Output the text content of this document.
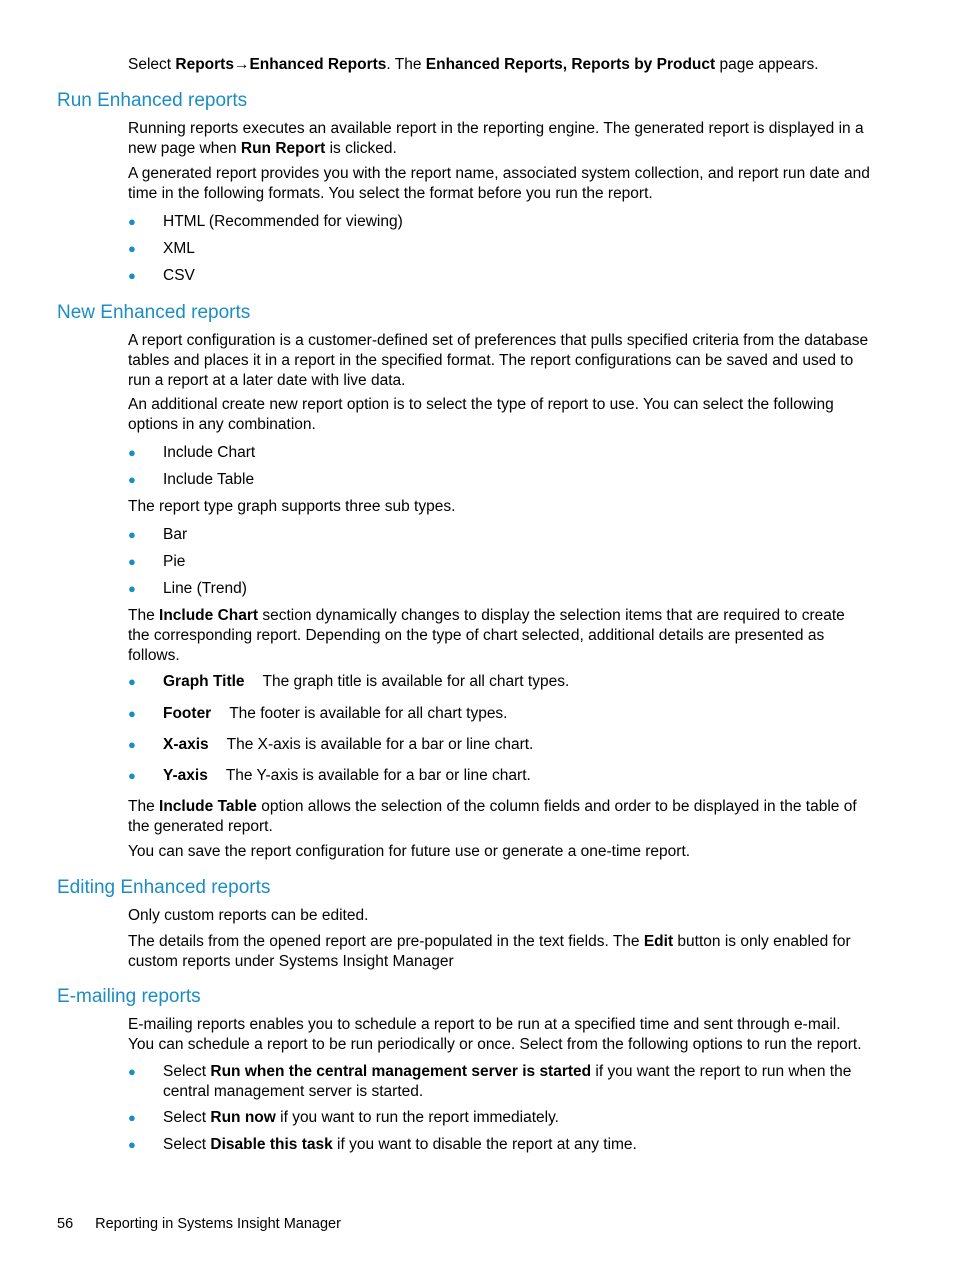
Select Reports→Enhanced Reports. The Enhanced Reports, Reports by Product page appears.
Run Enhanced reports
Running reports executes an available report in the reporting engine. The generated report is displayed in a new page when Run Report is clicked.
A generated report provides you with the report name, associated system collection, and report run date and time in the following formats. You select the format before you run the report.
● HTML (Recommended for viewing)
● XML
● CSV
New Enhanced reports
A report configuration is a customer-defined set of preferences that pulls specified criteria from the database tables and places it in a report in the specified format. The report configurations can be saved and used to run a report at a later date with live data.
An additional create new report option is to select the type of report to use. You can select the following options in any combination.
● Include Chart
● Include Table
The report type graph supports three sub types.
● Bar
● Pie
● Line (Trend)
The Include Chart section dynamically changes to display the selection items that are required to create the corresponding report. Depending on the type of chart selected, additional details are presented as follows.
● Graph Title The graph title is available for all chart types.
● Footer The footer is available for all chart types.
● X-axis The X-axis is available for a bar or line chart.
● Y-axis The Y-axis is available for a bar or line chart.
The Include Table option allows the selection of the column fields and order to be displayed in the table of the generated report.
You can save the report configuration for future use or generate a one-time report.
Editing Enhanced reports
Only custom reports can be edited.
The details from the opened report are pre-populated in the text fields. The Edit button is only enabled for custom reports under Systems Insight Manager
E-mailing reports
E-mailing reports enables you to schedule a report to be run at a specified time and sent through e-mail. You can schedule a report to be run periodically or once. Select from the following options to run the report.
● Select Run when the central management server is started if you want the report to run when the central management server is started.
● Select Run now if you want to run the report immediately.
● Select Disable this task if you want to disable the report at any time.
56 Reporting in Systems Insight Manager
